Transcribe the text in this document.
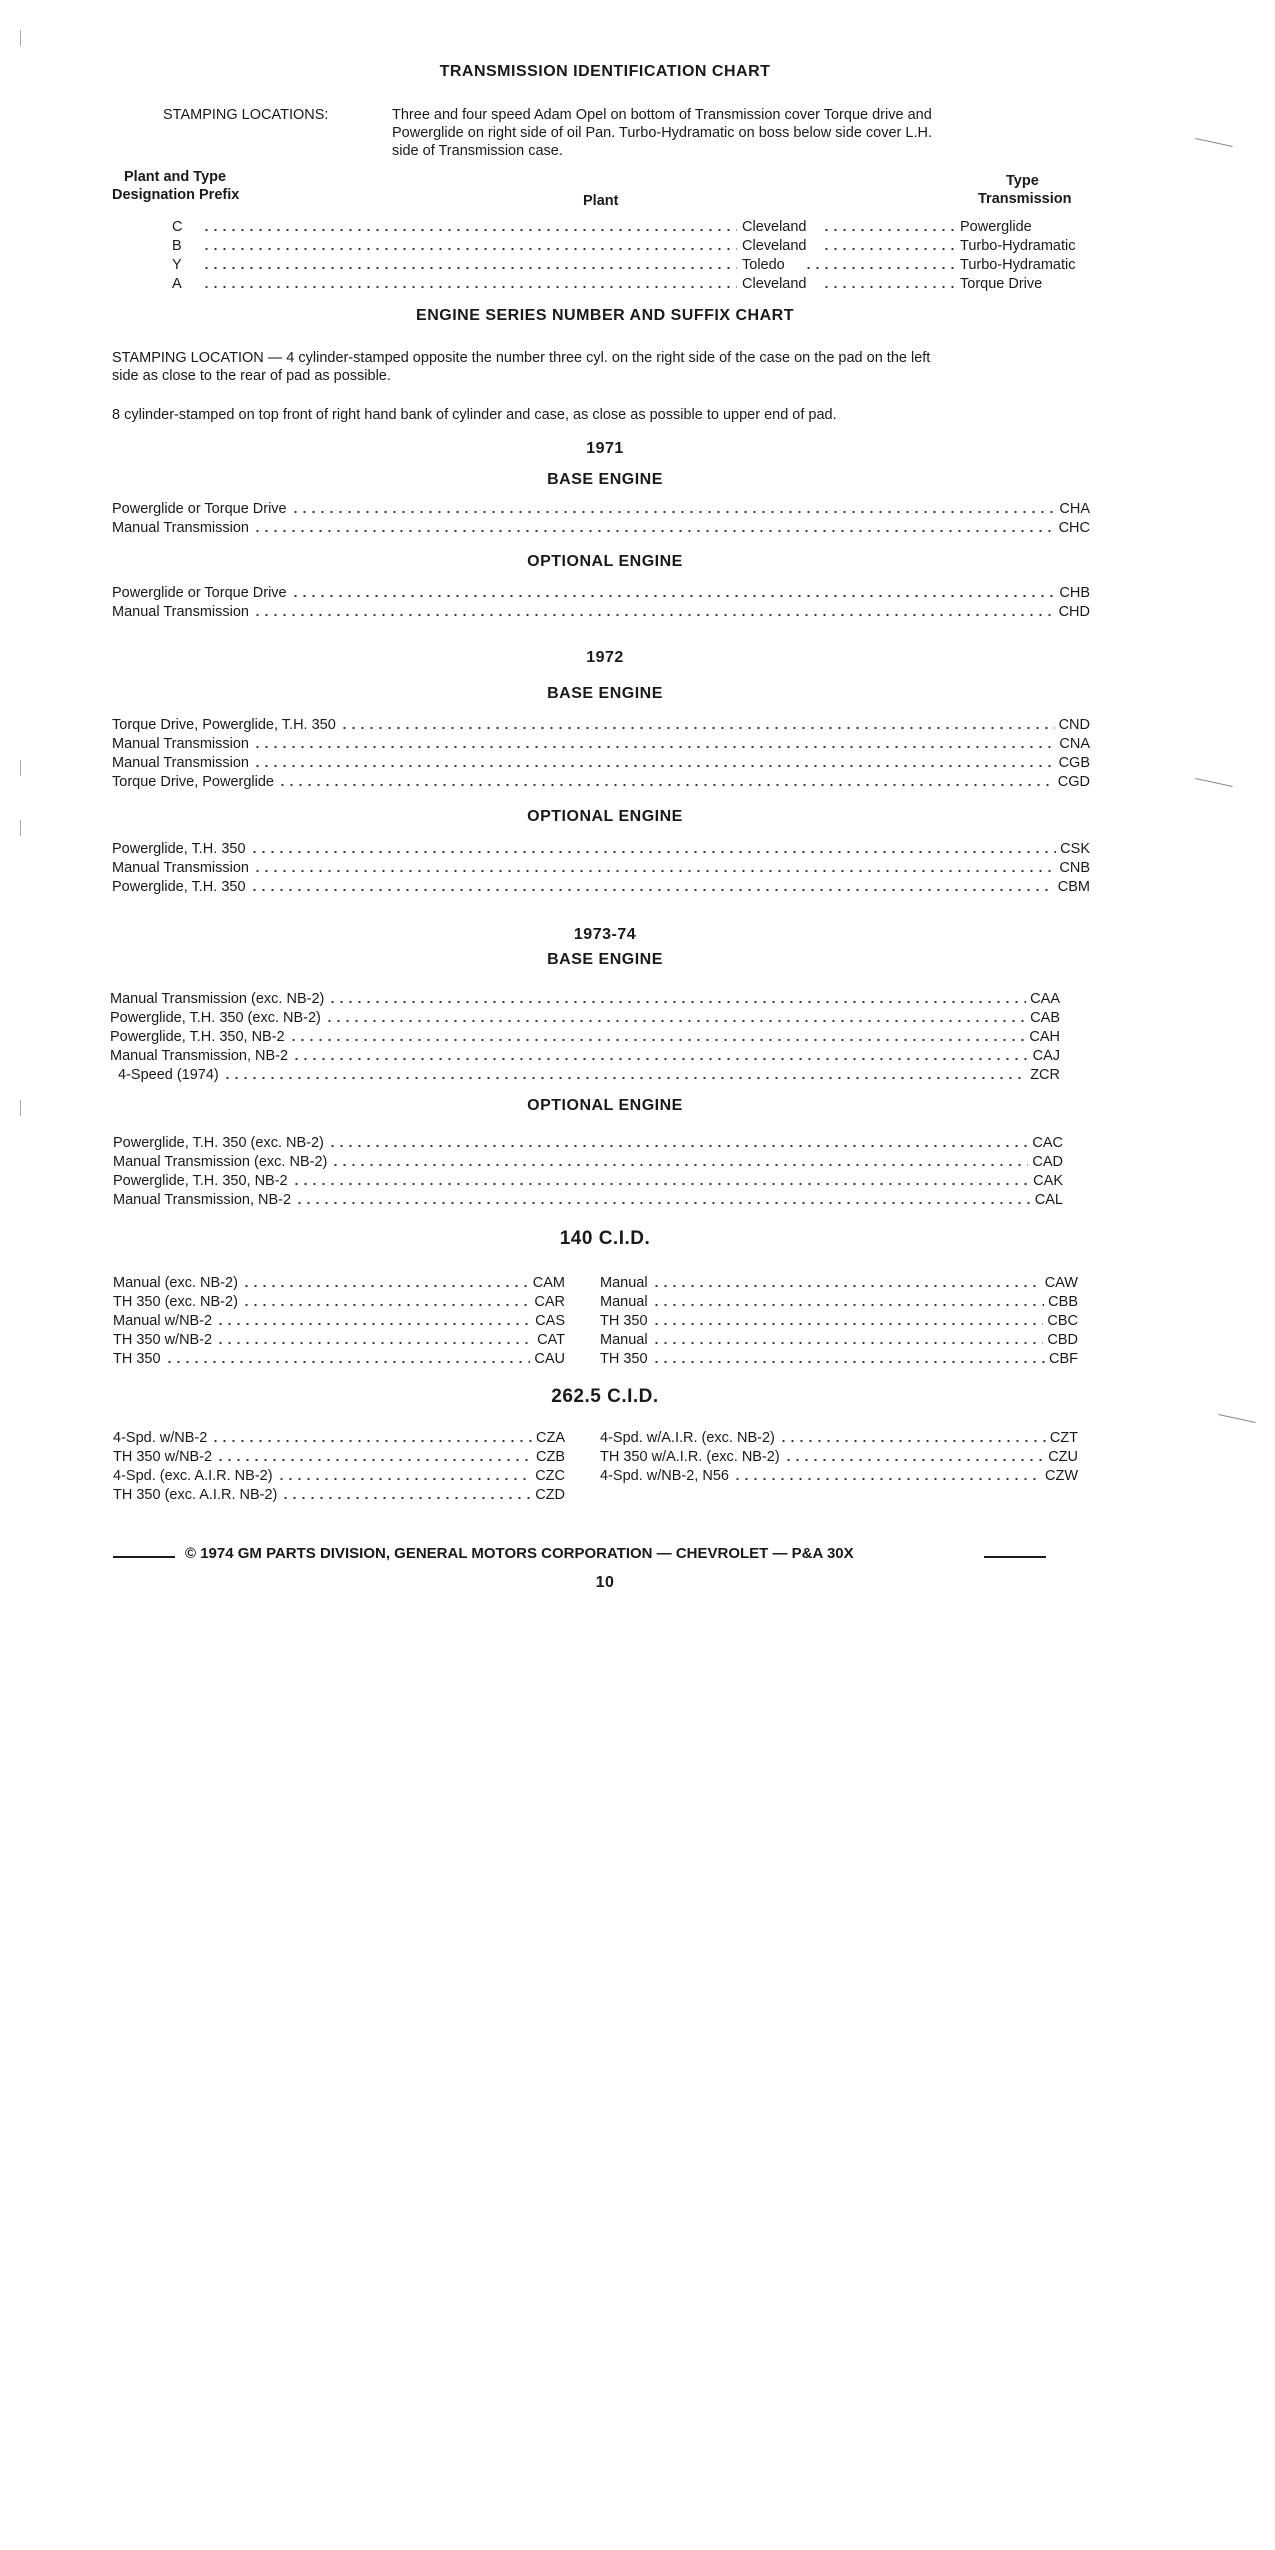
TRANSMISSION IDENTIFICATION CHART
STAMPING LOCATIONS:	Three and four speed Adam Opel on bottom of Transmission cover Torque drive and
Powerglide on right side of oil Pan. Turbo-Hydramatic on boss below side cover L.H.
side of Transmission case.
Plant and Type
Designation Prefix	Plant
Type
Transmission
C	Cleveland	Powerglide
B	Cleveland	Turbo-Hydramatic
Y	Toledo	Turbo-Hydramatic
A	Cleveland	Torque Drive
ENGINE SERIES NUMBER AND SUFFIX CHART
STAMPING LOCATION — 4 cylinder-stamped opposite the number three cyl. on the right side of the case on the pad on the left
side as close to the rear of pad as possible.
8 cylinder-stamped on top front of right hand bank of cylinder and case, as close as possible to upper end of pad.
1971
BASE ENGINE
Powerglide or Torque Drive	CHA
Manual Transmission	CHC
OPTIONAL ENGINE
Powerglide or Torque Drive	CHB
Manual Transmission	CHD
1972
BASE ENGINE
Torque Drive, Powerglide, T.H. 350	CND
Manual Transmission	CNA
Manual Transmission	CGB
Torque Drive, Powerglide	CGD
OPTIONAL ENGINE
Powerglide, T.H. 350	CSK
Manual Transmission	CNB
Powerglide, T.H. 350	CBM
1973-74
BASE ENGINE
Manual Transmission (exc. NB-2)	CAA
Powerglide, T.H. 350 (exc. NB-2)	CAB
Powerglide, T.H. 350, NB-2	CAH
Manual Transmission, NB-2	CAJ
4-Speed (1974)	ZCR
OPTIONAL ENGINE
Powerglide, T.H. 350 (exc. NB-2)	CAC
Manual Transmission (exc. NB-2)	CAD
Powerglide, T.H. 350, NB-2	CAK
Manual Transmission, NB-2	CAL
140 C.I.D.
Manual (exc. NB-2)	CAM
TH 350 (exc. NB-2)	CAR
Manual w/NB-2	CAS
TH 350 w/NB-2	CAT
TH 350	CAU
Manual	CAW
Manual	CBB
TH 350	CBC
Manual	CBD
TH 350	CBF
262.5 C.I.D.
4-Spd. w/NB-2	CZA
TH 350 w/NB-2	CZB
4-Spd. (exc. A.I.R. NB-2)	CZC
TH 350 (exc. A.I.R. NB-2)	CZD
4-Spd. w/A.I.R. (exc. NB-2)	CZT
TH 350 w/A.I.R. (exc. NB-2)	CZU
4-Spd. w/NB-2, N56	CZW
© 1974 GM PARTS DIVISION, GENERAL MOTORS CORPORATION — CHEVROLET — P&A 30X
10
